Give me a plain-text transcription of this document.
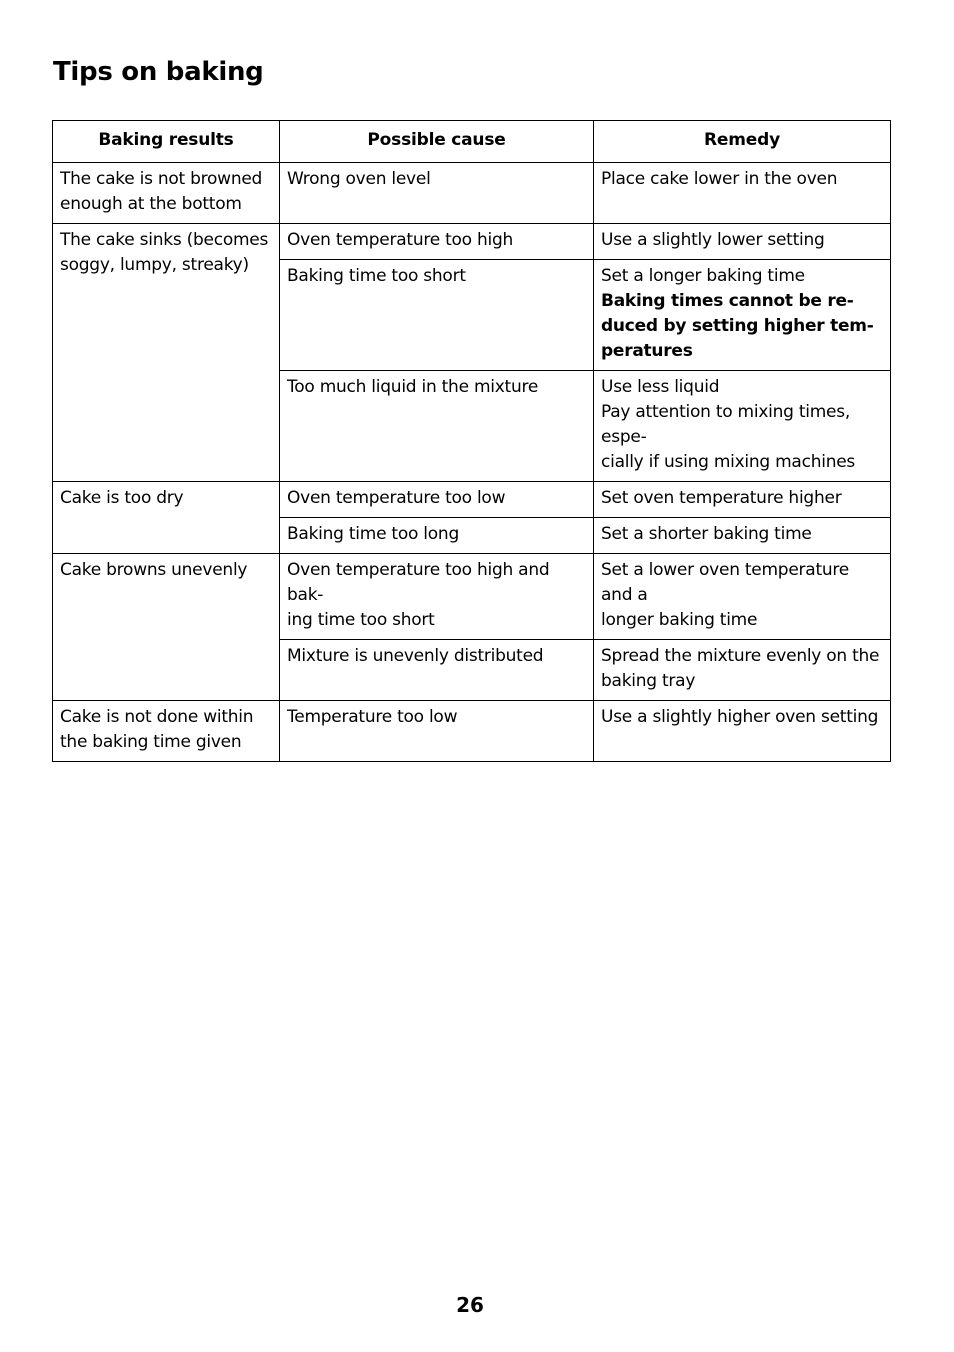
Tips on baking
Baking results	Possible cause	Remedy

The cake is not browned
enough at the bottom	Wrong oven level	Place cake lower in the oven

The cake sinks (becomes
soggy, lumpy, streaky)	Oven temperature too high	Use a slightly lower setting

	Baking time too short	Set a longer baking time
Baking times cannot be re-
duced by setting higher tem-
peratures

	Too much liquid in the mixture	Use less liquid
Pay attention to mixing times, espe-
cially if using mixing machines

Cake is too dry	Oven temperature too low	Set oven temperature higher

	Baking time too long	Set a shorter baking time

Cake browns unevenly	Oven temperature too high and bak-
ing time too short	Set a lower oven temperature and a
longer baking time

	Mixture is unevenly distributed	Spread the mixture evenly on the
baking tray

Cake is not done within
the baking time given	Temperature too low	Use a slightly higher oven setting
26
